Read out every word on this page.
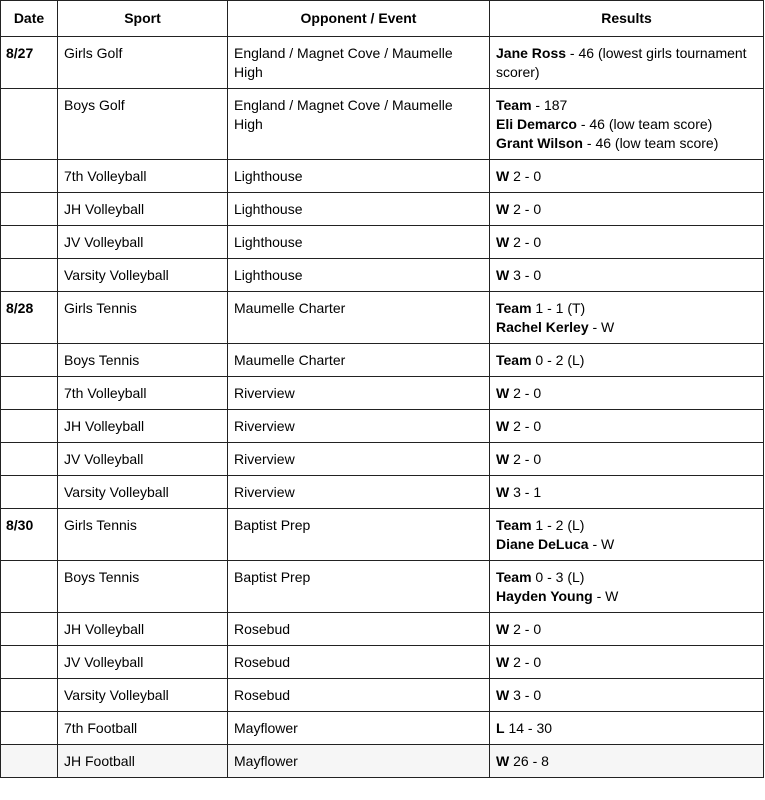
Date	Sport	Opponent / Event	Results
8/27	Girls Golf	England / Magnet Cove / Maumelle High	Jane Ross - 46 (lowest girls tournament scorer)

	Boys Golf	England / Magnet Cove / Maumelle High	Team - 187
Eli Demarco - 46 (low team score)
Grant Wilson - 46 (low team score)

	7th Volleyball	Lighthouse	W 2 - 0

	JH Volleyball	Lighthouse	W 2 - 0

	JV Volleyball	Lighthouse	W 2 - 0

	Varsity Volleyball	Lighthouse	W 3 - 0

8/28	Girls Tennis	Maumelle Charter	Team 1 - 1 (T)
Rachel Kerley - W

	Boys Tennis	Maumelle Charter	Team 0 - 2 (L)

	7th Volleyball	Riverview	W 2 - 0

	JH Volleyball	Riverview	W 2 - 0

	JV Volleyball	Riverview	W 2 - 0

	Varsity Volleyball	Riverview	W 3 - 1

8/30	Girls Tennis	Baptist Prep	Team 1 - 2 (L)
Diane DeLuca - W

	Boys Tennis	Baptist Prep	Team 0 - 3 (L)
Hayden Young - W

	JH Volleyball	Rosebud	W 2 - 0

	JV Volleyball	Rosebud	W 2 - 0

	Varsity Volleyball	Rosebud	W 3 - 0

	7th Football	Mayflower	L 14 - 30

	JH Football	Mayflower	W 26 - 8
